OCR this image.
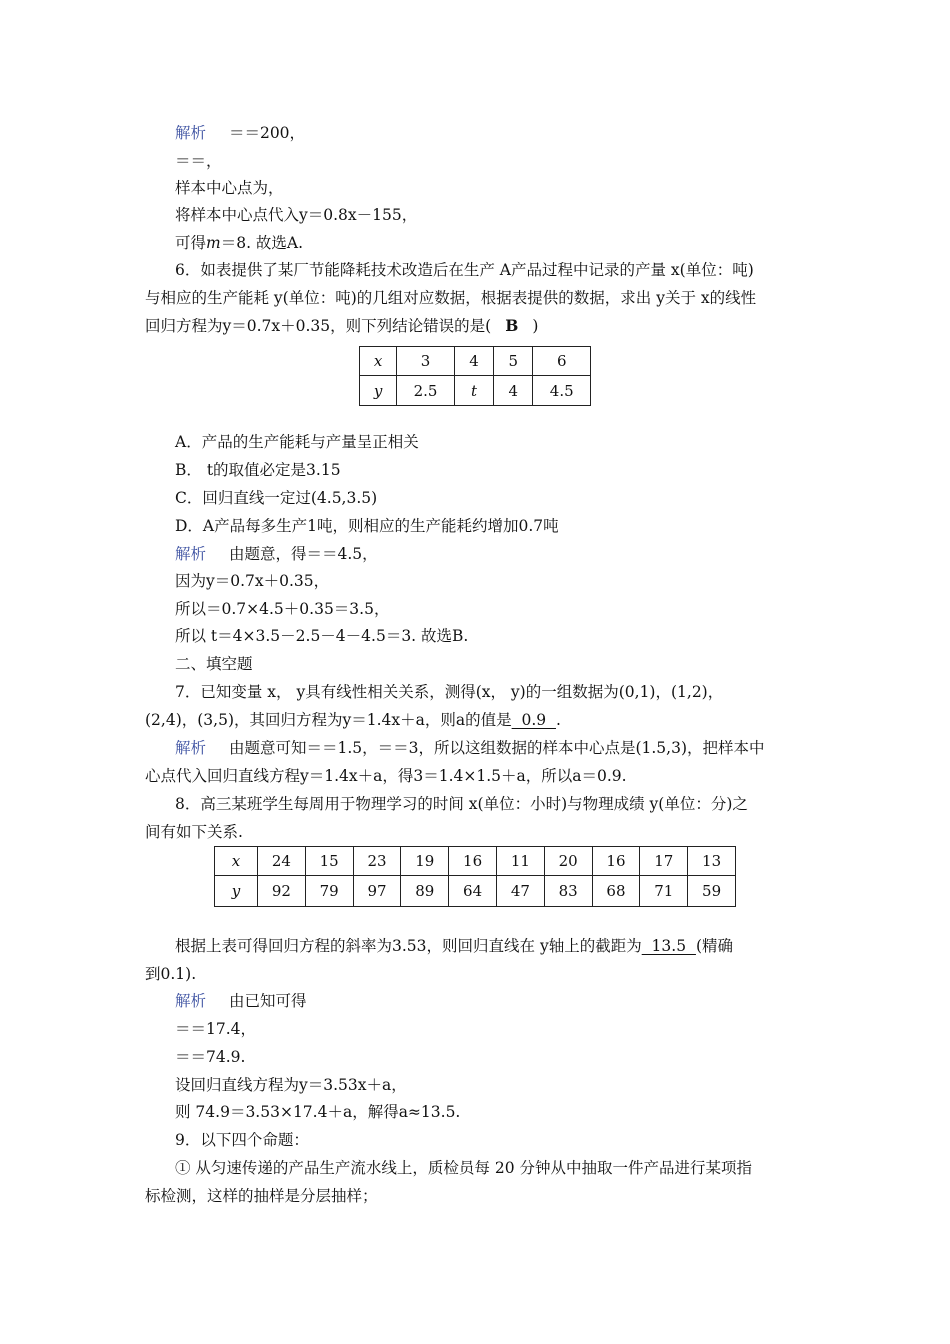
解析 ＝＝200，
＝＝，
样本中心点为，
将样本中心点代入y＝0.8x－155，
可得m＝8. 故选A.
6．如表提供了某厂节能降耗技术改造后在生产 A产品过程中记录的产量 x(单位：吨)
与相应的生产能耗 y(单位：吨)的几组对应数据，根据表提供的数据，求出 y关于 x的线性
回归方程为y＝0.7x＋0.35，则下列结论错误的是( B )
x	3	4	5	6
y	2.5	t	4	4.5
A．产品的生产能耗与产量呈正相关
B． t的取值必定是3.15
C．回归直线一定过(4.5,3.5)
D．A产品每多生产1吨，则相应的生产能耗约增加0.7吨
解析 由题意，得＝＝4.5，
因为y＝0.7x＋0.35，
所以＝0.7×4.5＋0.35＝3.5，
所以 t＝4×3.5－2.5－4－4.5＝3. 故选B.
二、填空题
7．已知变量 x， y具有线性相关关系，测得(x， y)的一组数据为(0,1)，(1,2)，
(2,4)，(3,5)，其回归方程为y＝1.4x＋a，则a的值是  0.9  .
解析 由题意可知＝＝1.5，＝＝3，所以这组数据的样本中心点是(1.5,3)，把样本中
心点代入回归直线方程y＝1.4x＋a，得3＝1.4×1.5＋a，所以a＝0.9.
8．高三某班学生每周用于物理学习的时间 x(单位：小时)与物理成绩 y(单位：分)之
间有如下关系.
x	24	15	23	19	16	11	20	16	17	13
y	92	79	97	89	64	47	83	68	71	59
根据上表可得回归方程的斜率为3.53，则回归直线在 y轴上的截距为  13.5  (精确
到0.1).
解析 由已知可得
＝＝17.4，
＝＝74.9.
设回归直线方程为y＝3.53x＋a，
则 74.9＝3.53×17.4＋a，解得a≈13.5.
9．以下四个命题：
① 从匀速传递的产品生产流水线上，质检员每 20 分钟从中抽取一件产品进行某项指
标检测，这样的抽样是分层抽样；
